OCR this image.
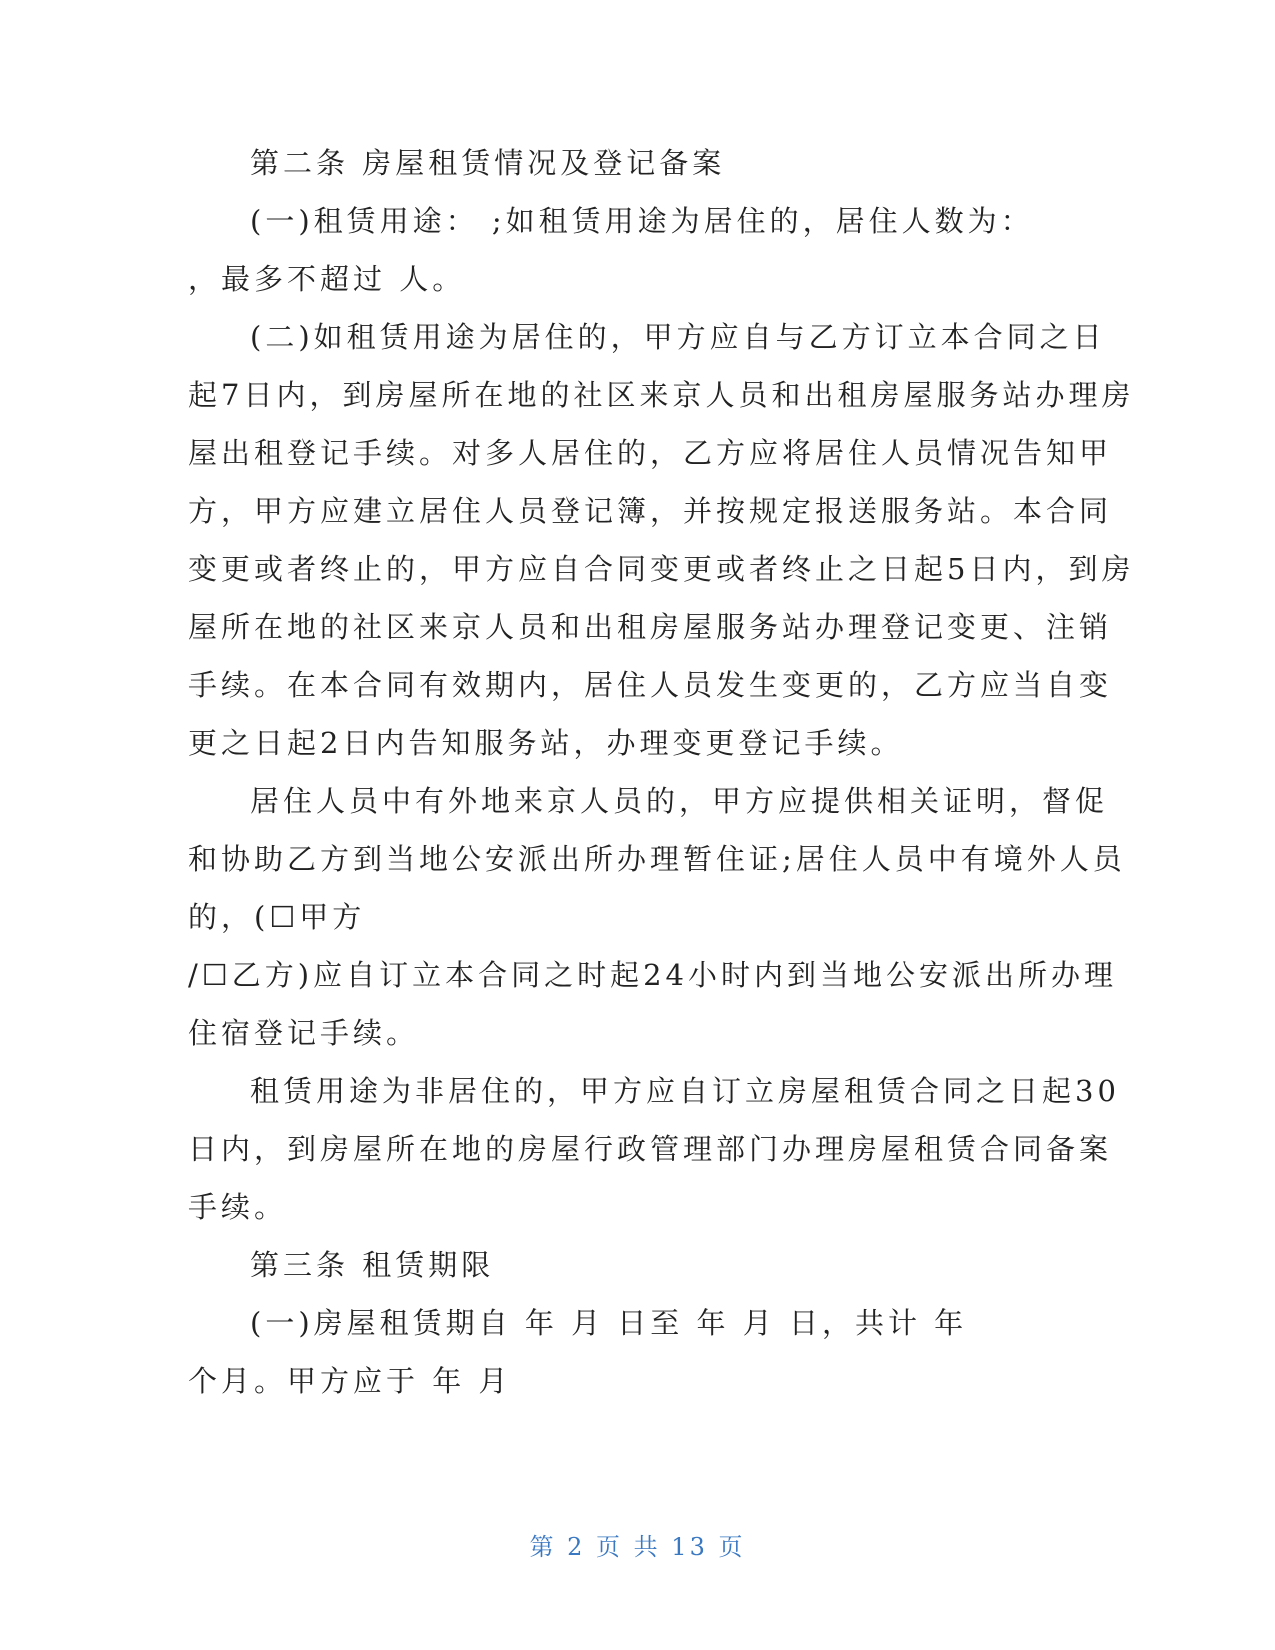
第二条 房屋租赁情况及登记备案

(一)租赁用途： ;如租赁用途为居住的，居住人数为：

，最多不超过 人。

(二)如租赁用途为居住的，甲方应自与乙方订立本合同之日

起7日内，到房屋所在地的社区来京人员和出租房屋服务站办理房

屋出租登记手续。对多人居住的，乙方应将居住人员情况告知甲

方，甲方应建立居住人员登记簿，并按规定报送服务站。本合同

变更或者终止的，甲方应自合同变更或者终止之日起5日内，到房

屋所在地的社区来京人员和出租房屋服务站办理登记变更、注销

手续。在本合同有效期内，居住人员发生变更的，乙方应当自变

更之日起2日内告知服务站，办理变更登记手续。

居住人员中有外地来京人员的，甲方应提供相关证明，督促

和协助乙方到当地公安派出所办理暂住证;居住人员中有境外人员

的，(☐甲方

/☐乙方)应自订立本合同之时起24小时内到当地公安派出所办理

住宿登记手续。

租赁用途为非居住的，甲方应自订立房屋租赁合同之日起30

日内，到房屋所在地的房屋行政管理部门办理房屋租赁合同备案

手续。

第三条 租赁期限

(一)房屋租赁期自 年 月 日至 年 月 日，共计 年

个月。甲方应于 年 月

第 2 页 共 13 页
